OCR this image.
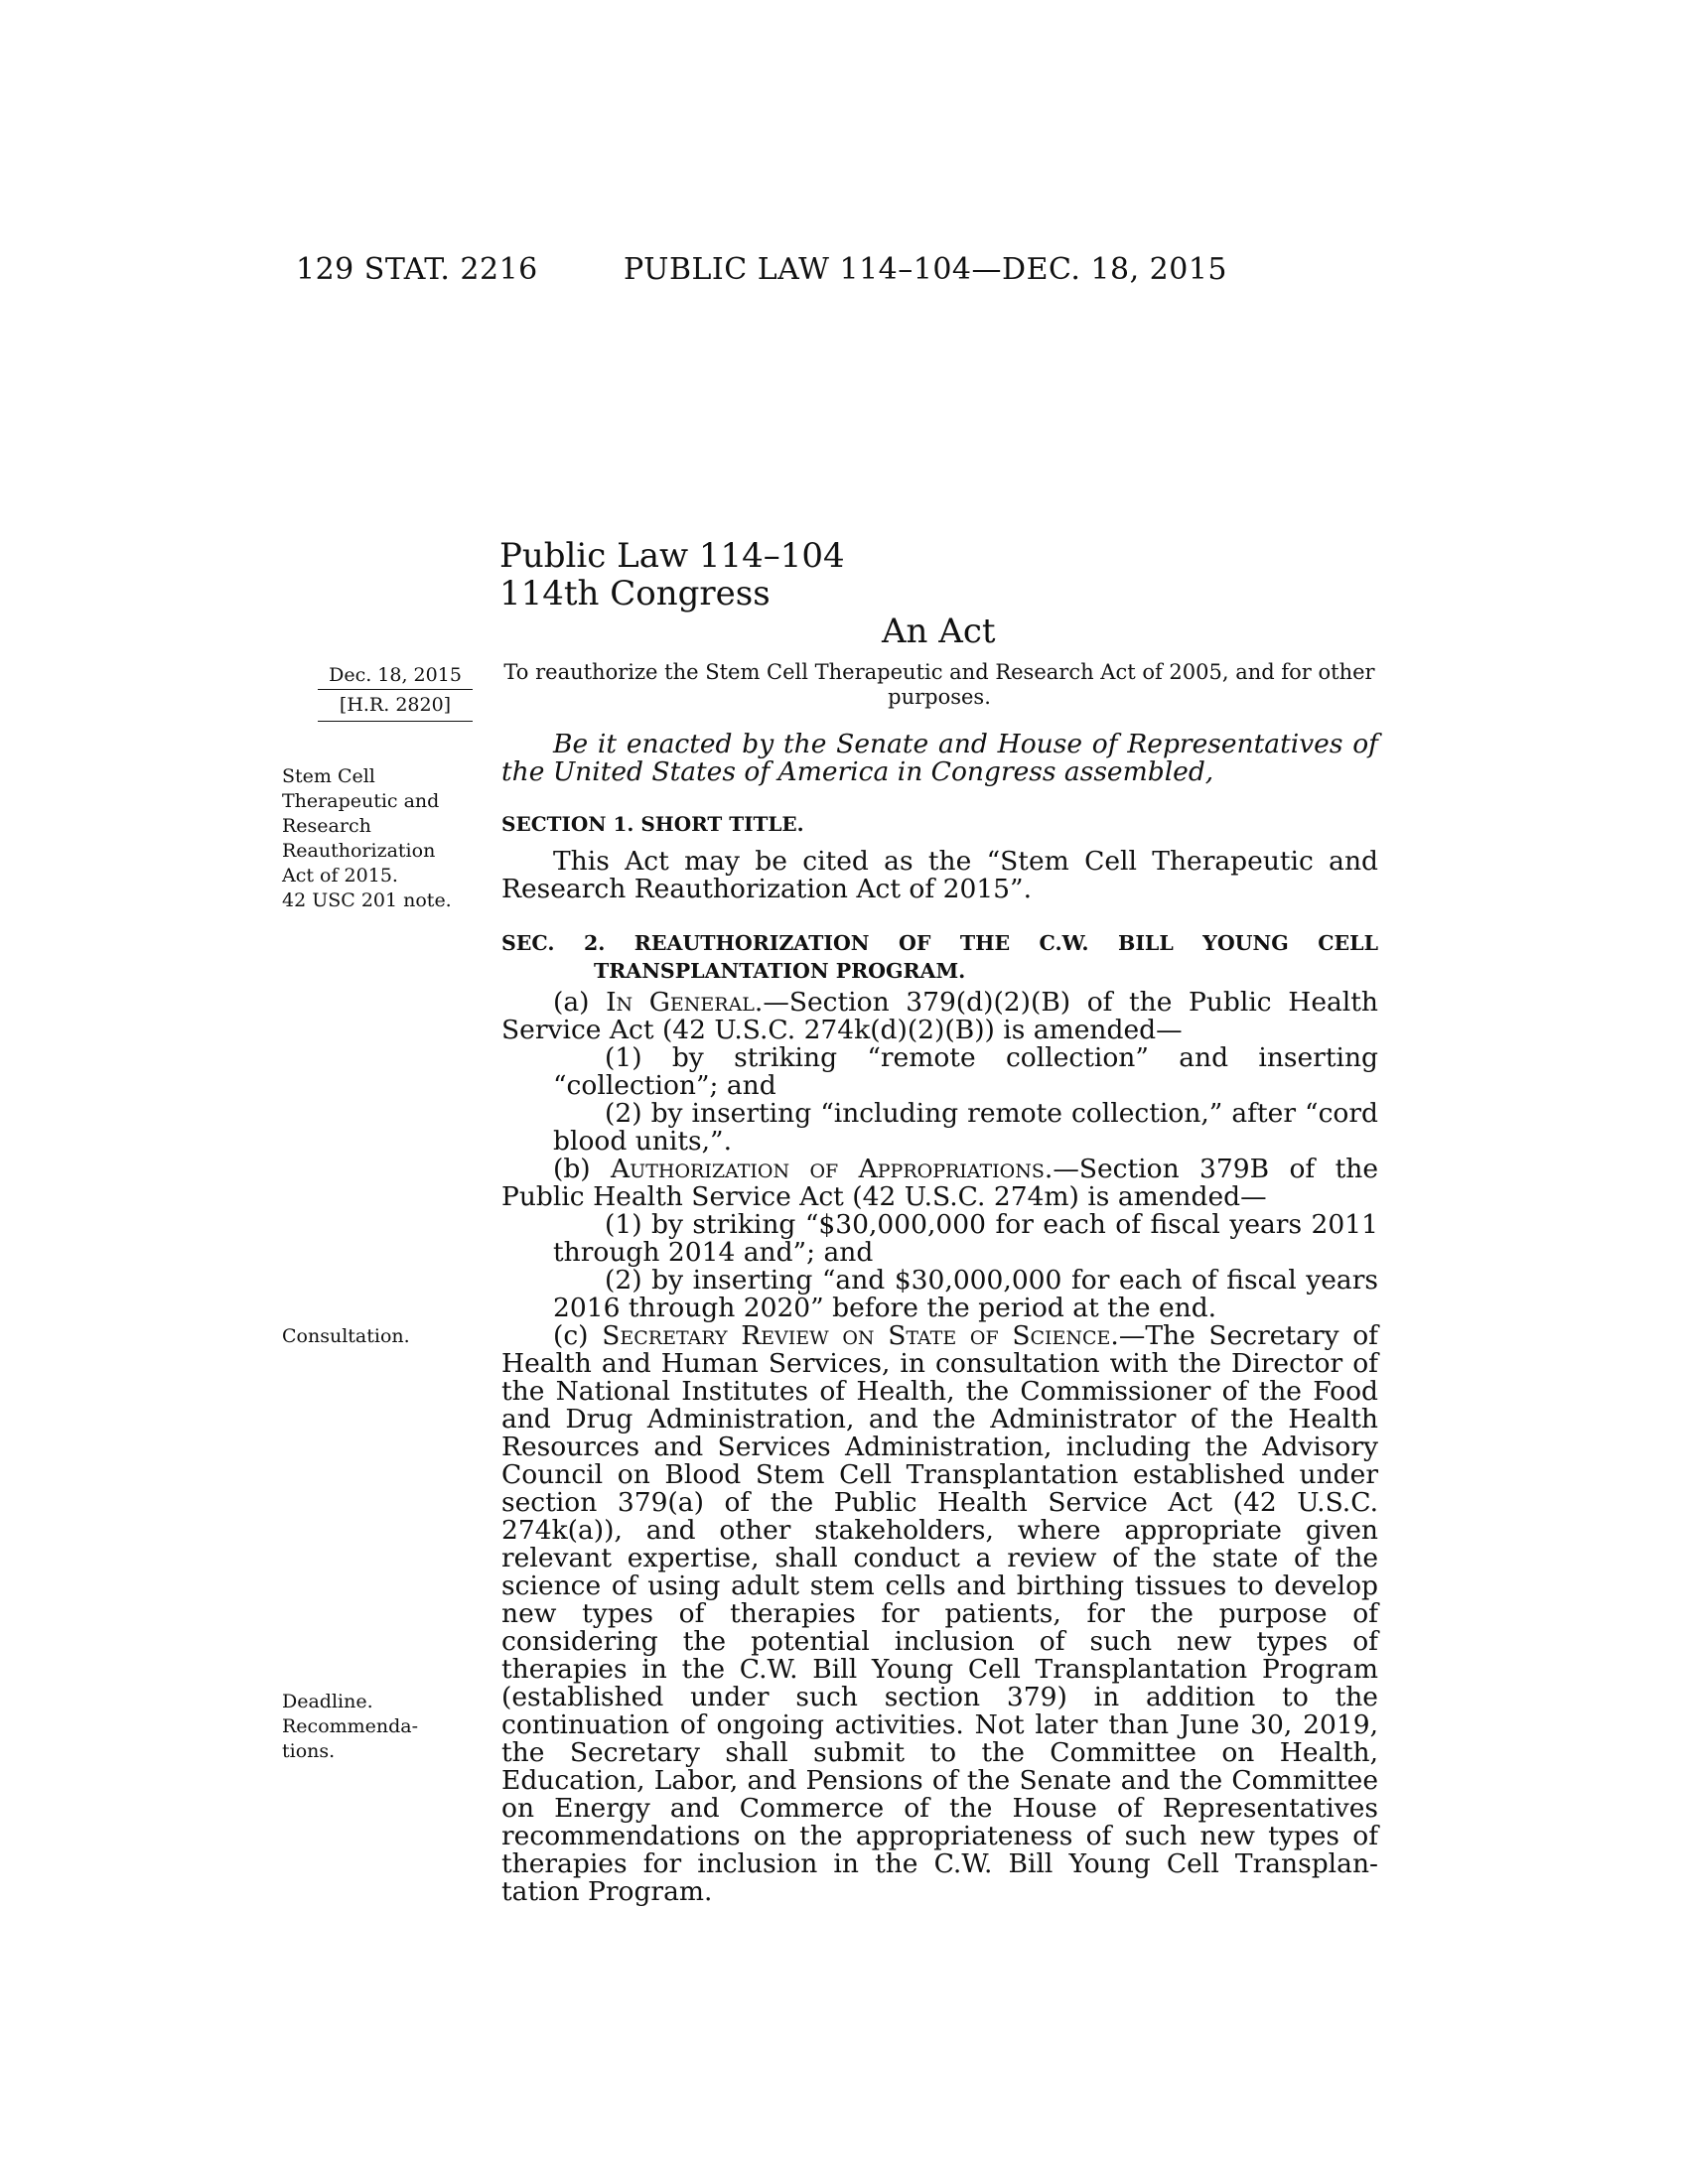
129 STAT. 2216	PUBLIC LAW 114–104—DEC. 18, 2015
Public Law 114–104
114th Congress
An Act
Dec. 18, 2015
[H.R. 2820]
To reauthorize the Stem Cell Therapeutic and Research Act of 2005, and for other purposes.
Be it enacted by the Senate and House of Representatives of the United States of America in Congress assembled,
Stem Cell
Therapeutic and
Research
Reauthorization
Act of 2015.
42 USC 201 note.
SECTION 1. SHORT TITLE.
This Act may be cited as the “Stem Cell Therapeutic and Research Reauthorization Act of 2015”.
SEC. 2. REAUTHORIZATION OF THE C.W. BILL YOUNG CELL
TRANSPLANTATION PROGRAM.
(a) In General.—Section 379(d)(2)(B) of the Public Health Service Act (42 U.S.C. 274k(d)(2)(B)) is amended—
(1) by striking “remote collection” and inserting “collection”; and
(2) by inserting “including remote collection,” after “cord blood units,”.
(b) Authorization of Appropriations.—Section 379B of the Public Health Service Act (42 U.S.C. 274m) is amended—
(1) by striking “$30,000,000 for each of fiscal years 2011 through 2014 and”; and
(2) by inserting “and $30,000,000 for each of fiscal years 2016 through 2020” before the period at the end.
Consultation.	(c) Secretary Review on State of Science.—The Secretary of Health and Human Services, in consultation with the Director of the National Institutes of Health, the Commissioner of the Food and Drug Administration, and the Administrator of the Health Resources and Services Administration, including the Advisory Council on Blood Stem Cell Transplantation established under section 379(a) of the Public Health Service Act (42 U.S.C. 274k(a)), and other stakeholders, where appropriate given relevant expertise, shall conduct a review of the state of the science of using adult stem cells and birthing tissues to develop new types of therapies for patients, for the purpose of considering the potential inclusion of such new types of therapies in the C.W. Bill Young Cell Transplantation Program (established under such section 379) in addition to the continuation of ongoing activities. Not later than June 30, 2019, the Secretary shall submit to the Committee on Health, Education, Labor, and Pensions of the Senate and the Committee on Energy and Commerce of the House of Representatives recommendations on the appropriateness of such new types of therapies for inclusion in the C.W. Bill Young Cell Transplantation Program.
Deadline.
Recommenda-
tions.
